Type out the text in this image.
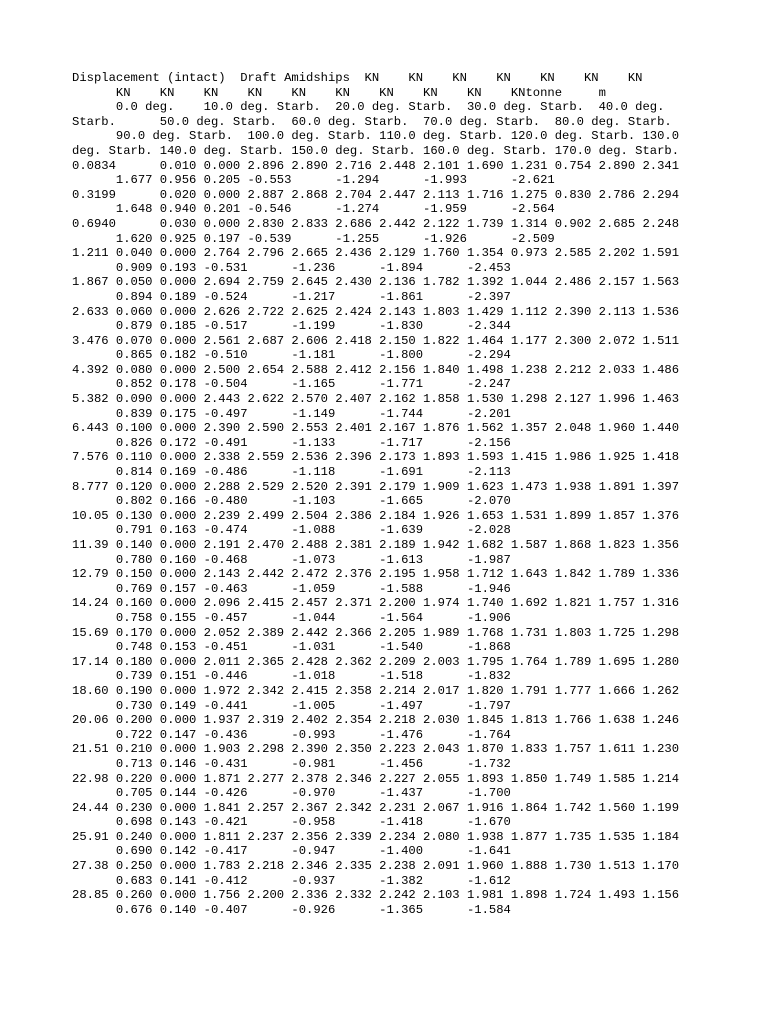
Displacement (intact)  Draft Amidships  KN    KN    KN    KN    KN    KN    KN
KN    KN    KN    KN    KN    KN    KN    KN    KN    KNtonne     m
0.0 deg.    10.0 deg. Starb.  20.0 deg. Starb.  30.0 deg. Starb.  40.0 deg.
Starb.      50.0 deg. Starb.  60.0 deg. Starb.  70.0 deg. Starb.  80.0 deg. Starb.
90.0 deg. Starb.  100.0 deg. Starb. 110.0 deg. Starb. 120.0 deg. Starb. 130.0
deg. Starb. 140.0 deg. Starb. 150.0 deg. Starb. 160.0 deg. Starb. 170.0 deg. Starb.
0.0834      0.010 0.000 2.896 2.890 2.716 2.448 2.101 1.690 1.231 0.754 2.890 2.341
1.677 0.956 0.205 -0.553      -1.294      -1.993      -2.621
0.3199      0.020 0.000 2.887 2.868 2.704 2.447 2.113 1.716 1.275 0.830 2.786 2.294
1.648 0.940 0.201 -0.546      -1.274      -1.959      -2.564
0.6940      0.030 0.000 2.830 2.833 2.686 2.442 2.122 1.739 1.314 0.902 2.685 2.248
1.620 0.925 0.197 -0.539      -1.255      -1.926      -2.509
1.211 0.040 0.000 2.764 2.796 2.665 2.436 2.129 1.760 1.354 0.973 2.585 2.202 1.591
0.909 0.193 -0.531      -1.236      -1.894      -2.453
1.867 0.050 0.000 2.694 2.759 2.645 2.430 2.136 1.782 1.392 1.044 2.486 2.157 1.563
0.894 0.189 -0.524      -1.217      -1.861      -2.397
2.633 0.060 0.000 2.626 2.722 2.625 2.424 2.143 1.803 1.429 1.112 2.390 2.113 1.536
0.879 0.185 -0.517      -1.199      -1.830      -2.344
3.476 0.070 0.000 2.561 2.687 2.606 2.418 2.150 1.822 1.464 1.177 2.300 2.072 1.511
0.865 0.182 -0.510      -1.181      -1.800      -2.294
4.392 0.080 0.000 2.500 2.654 2.588 2.412 2.156 1.840 1.498 1.238 2.212 2.033 1.486
0.852 0.178 -0.504      -1.165      -1.771      -2.247
5.382 0.090 0.000 2.443 2.622 2.570 2.407 2.162 1.858 1.530 1.298 2.127 1.996 1.463
0.839 0.175 -0.497      -1.149      -1.744      -2.201
6.443 0.100 0.000 2.390 2.590 2.553 2.401 2.167 1.876 1.562 1.357 2.048 1.960 1.440
0.826 0.172 -0.491      -1.133      -1.717      -2.156
7.576 0.110 0.000 2.338 2.559 2.536 2.396 2.173 1.893 1.593 1.415 1.986 1.925 1.418
0.814 0.169 -0.486      -1.118      -1.691      -2.113
8.777 0.120 0.000 2.288 2.529 2.520 2.391 2.179 1.909 1.623 1.473 1.938 1.891 1.397
0.802 0.166 -0.480      -1.103      -1.665      -2.070
10.05 0.130 0.000 2.239 2.499 2.504 2.386 2.184 1.926 1.653 1.531 1.899 1.857 1.376
0.791 0.163 -0.474      -1.088      -1.639      -2.028
11.39 0.140 0.000 2.191 2.470 2.488 2.381 2.189 1.942 1.682 1.587 1.868 1.823 1.356
0.780 0.160 -0.468      -1.073      -1.613      -1.987
12.79 0.150 0.000 2.143 2.442 2.472 2.376 2.195 1.958 1.712 1.643 1.842 1.789 1.336
0.769 0.157 -0.463      -1.059      -1.588      -1.946
14.24 0.160 0.000 2.096 2.415 2.457 2.371 2.200 1.974 1.740 1.692 1.821 1.757 1.316
0.758 0.155 -0.457      -1.044      -1.564      -1.906
15.69 0.170 0.000 2.052 2.389 2.442 2.366 2.205 1.989 1.768 1.731 1.803 1.725 1.298
0.748 0.153 -0.451      -1.031      -1.540      -1.868
17.14 0.180 0.000 2.011 2.365 2.428 2.362 2.209 2.003 1.795 1.764 1.789 1.695 1.280
0.739 0.151 -0.446      -1.018      -1.518      -1.832
18.60 0.190 0.000 1.972 2.342 2.415 2.358 2.214 2.017 1.820 1.791 1.777 1.666 1.262
0.730 0.149 -0.441      -1.005      -1.497      -1.797
20.06 0.200 0.000 1.937 2.319 2.402 2.354 2.218 2.030 1.845 1.813 1.766 1.638 1.246
0.722 0.147 -0.436      -0.993      -1.476      -1.764
21.51 0.210 0.000 1.903 2.298 2.390 2.350 2.223 2.043 1.870 1.833 1.757 1.611 1.230
0.713 0.146 -0.431      -0.981      -1.456      -1.732
22.98 0.220 0.000 1.871 2.277 2.378 2.346 2.227 2.055 1.893 1.850 1.749 1.585 1.214
0.705 0.144 -0.426      -0.970      -1.437      -1.700
24.44 0.230 0.000 1.841 2.257 2.367 2.342 2.231 2.067 1.916 1.864 1.742 1.560 1.199
0.698 0.143 -0.421      -0.958      -1.418      -1.670
25.91 0.240 0.000 1.811 2.237 2.356 2.339 2.234 2.080 1.938 1.877 1.735 1.535 1.184
0.690 0.142 -0.417      -0.947      -1.400      -1.641
27.38 0.250 0.000 1.783 2.218 2.346 2.335 2.238 2.091 1.960 1.888 1.730 1.513 1.170
0.683 0.141 -0.412      -0.937      -1.382      -1.612
28.85 0.260 0.000 1.756 2.200 2.336 2.332 2.242 2.103 1.981 1.898 1.724 1.493 1.156
0.676 0.140 -0.407      -0.926      -1.365      -1.584
